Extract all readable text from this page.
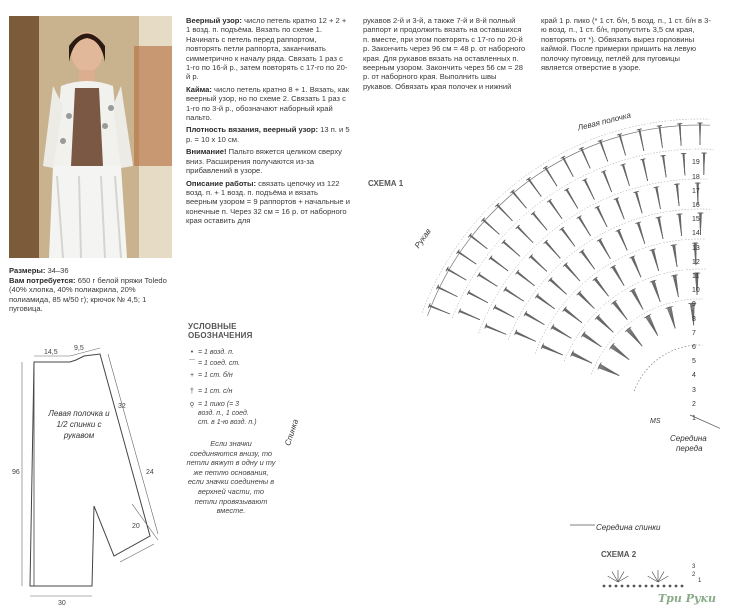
Размеры: 34–36
Вам потребуется: 650 г белой пряжи Toledo (40% хлопка, 40% полиакрила, 20% полиамида, 85 м/50 г); крючок № 4,5; 1 пуговица.
Веерный узор: число петель кратно 12 + 2 + 1 возд. п. подъёма. Вязать по схеме 1. Начинать с петель перед раппортом, повторять петли раппорта, заканчивать симметрично к началу ряда. Связать 1 раз с 1-го по 16-й р., затем повторять с 17-го по 20-й р.
Кайма: число петель кратно 8 + 1. Вязать, как веерный узор, но по схеме 2. Связать 1 раз с 1-го по 3-й р., обозначают наборный край пальто.
Плотность вязания, веерный узор: 13 п. и 5 р. = 10 х 10 см.
Внимание! Пальто вяжется целиком сверху вниз. Расширения получаются из-за прибавлений в узоре.
Описание работы: связать цепочку из 122 возд. п. + 1 возд. п. подъёма и вязать веерным узором = 9 раппортов + начальные и конечные п. Через 32 см = 16 р. от наборного края оставить для
рукавов 2-й и 3-й, а также 7-й и 8-й полный раппорт и продолжить вязать на оставшихся п. вместе, при этом повторять с 17-го по 20-й р. Закончить через 96 см = 48 р. от наборного края. Для рукавов вязать на оставленных п. веерным узором. Закончить через 56 см = 28 р. от наборного края. Выполнить швы рукавов. Обвязать края полочек и нижний
край 1 р. пико (* 1 ст. б/н, 5 возд. п., 1 ст. б/н в 3-ю возд. п., 1 ст. б/н, пропустить 3,5 см края, повторять от *). Обвязать вырез горловины каймой. После примерки пришить на левую полочку пуговицу, петлёй для пуговицы является отверстие в узоре.
УСЛОВНЫЕ
ОБОЗНАЧЕНИЯ
• = 1 возд. п.
⌒ = 1 соед. ст.
+ = 1 ст. б/н
† = 1 ст. с/н
ǫ = 1 пико (= 3
возд. п., 1 соед.
ст. в 1-ю возд. п.)
Если значки соединяются внизу, то петли вяжут в одну и ту же петлю основания, если значки соединены в верхней части, то петли провязывают вместе.
14,5
9,5
32
96	24
20
30
Левая полочка и 1/2 спинки с рукавом
СХЕМА 1
Левая полочка
Рукав
Спинка
Середина спинки
Середина
переда
MS	1
2
3
4
5
6
7
8
9
10
11
12
13
14
15
16
17
18
19
СХЕМА 2
3
2
1
Три Руки
